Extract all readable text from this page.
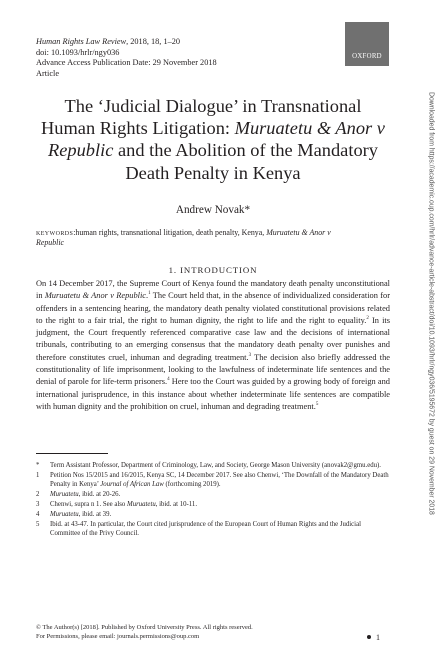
Human Rights Law Review, 2018, 18, 1–20
doi: 10.1093/hrlr/ngy036
Advance Access Publication Date: 29 November 2018
Article
OXFORD
The ‘Judicial Dialogue’ in Transnational Human Rights Litigation: Muruatetu & Anor v Republic and the Abolition of the Mandatory Death Penalty in Kenya
Andrew Novak*
keywords:human rights, transnational litigation, death penalty, Kenya, Muruatetu & Anor v Republic
1. INTRODUCTION

On 14 December 2017, the Supreme Court of Kenya found the mandatory death penalty unconstitutional in Muruatetu & Anor v Republic.$^1$ The Court held that, in the absence of individualized consideration for offenders in a sentencing hearing, the mandatory death penalty violated constitutional provisions related to the right to a fair trial, the right to human dignity, the right to life and the right to equality.$^2$ In its judgment, the Court frequently referenced comparative case law and the decisions of international tribunals, contributing to an emerging consensus that the mandatory death penalty over punishes and therefore constitutes cruel, inhuman and degrading treatment.$^3$ The decision also briefly addressed the constitutionality of life imprisonment, looking to the lawfulness of indeterminate life sentences and the denial of parole for life-term prisoners.$^4$ Here too the Court was guided by a growing body of foreign and international jurisprudence, in this instance about whether indeterminate life sentences are compatible with human dignity and the prohibition on cruel, inhuman and degrading treatment.$^5$

*	Term Assistant Professor, Department of Criminology, Law, and Society, George Mason University (anovak2@gmu.edu).
1	Petition Nos 15/2015 and 16/2015, Kenya SC, 14 December 2017. See also Chenwi, ‘The Downfall of the Mandatory Death Penalty in Kenya’ Journal of African Law (forthcoming 2019).
2	Muruatetu, ibid. at 20-26.
3	Chenwi, supra n 1. See also Muruatetu, ibid. at 10-11.
4	Muruatetu, ibid. at 39.
5	Ibid. at 43-47. In particular, the Court cited jurisprudence of the European Court of Human Rights and the Judicial Committee of the Privy Council.
© The Author(s) [2018]. Published by Oxford University Press. All rights reserved.
For Permissions, please email: journals.permissions@oup.com	1
Downloaded from https://academic.oup.com/hrlr/advance-article-abstract/doi/10.1093/hrlr/ngy036/5195672 by guest on 29 November 2018
